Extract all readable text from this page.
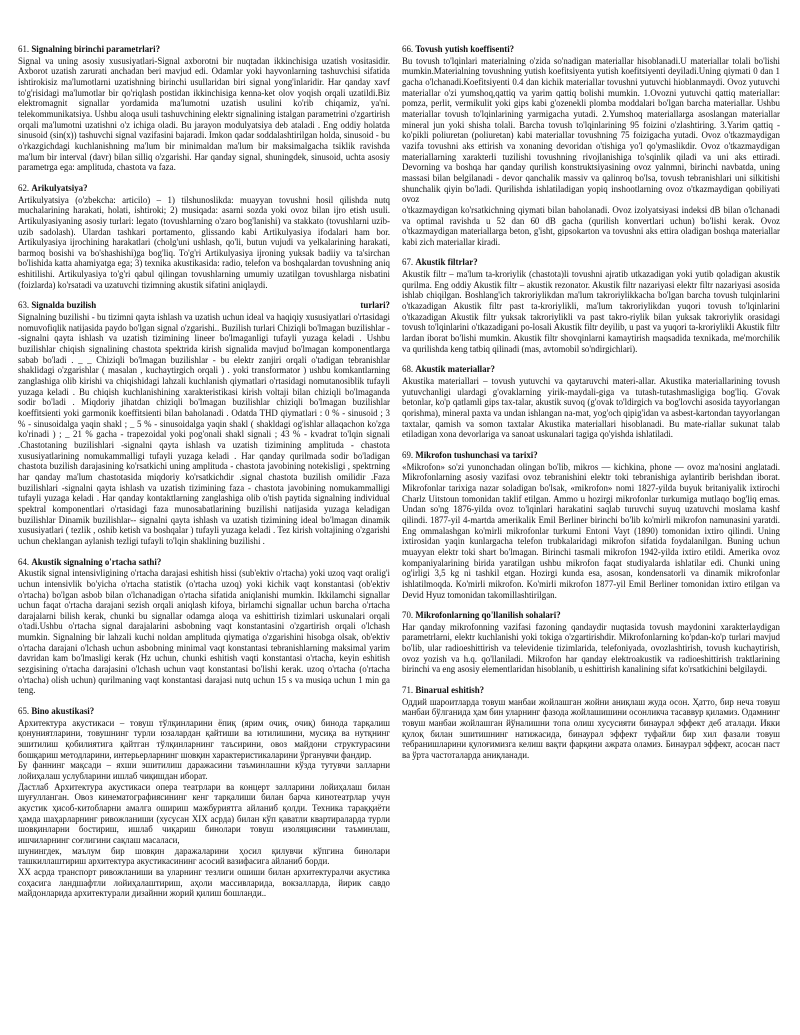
61. Signalning birinchi parametrlari?

Signal va uning asosiy xususiyatlari-Signal axborotni bir nuqtadan ikkinchisiga uzatish vositasidir. Axborot uzatish zarurati anchadan beri mavjud edi. Odamlar yoki hayvonlarning tashuvchisi sifatida ishtirokisiz ma'lumotlarni uzatishning birinchi usullaridan biri signal yong'inlaridir. Har qanday xavf to'g'risidagi ma'lumotlar bir qo'riqlash postidan ikkinchisiga kenna-ket olov yoqish orqali uzatildi.Biz elektromagnit signallar yordamida ma'lumotni uzatish usulini ko'rib chiqamiz, ya'ni. telekommunikatsiya. Ushbu aloqa usuli tashuvchining elektr signalining istalgan parametrini o'zgartirish orqali ma'lumotni uzatishni o'z ichiga oladi. Bu jarayon modulyatsiya deb ataladi . Eng oddiy holatda sinusoid (sin(x)) tashuvchi signal vazifasini bajaradi. Imkon qadar soddalashtirilgan holda, sinusoid - bu o'rkazgichdagi kuchlanishning ma'lum bir minimaldan ma'lum bir maksimalgacha tsiklik ravishda ma'lum bir interval (davr) bilan silliq o'zgarishi. Har qanday signal, shuningdek, sinusoid, uchta asosiy parametrga ega: amplituda, chastota va faza.

62. Arikulyatsiya?

Artikulyatsiya (o'zbekcha: articilo) – 1) tilshunoslikda: muayyan tovushni hosil qilishda nutq muchalarining harakati, holati, ishtiroki; 2) musiqada: asarni sozda yoki ovoz bilan ijro etish usuli. Artikulyasiyaning asosiy turlari: legato (tovushlarning o'zaro bog'lanishi) va stakkato (tovushlarni uzib-uzib sadolash). Ulardan tashkari portamento, glissando kabi Artikulyasiya ifodalari ham bor. Artikulyasiya ijrochining harakatlari (cholg'uni ushlash, qo'li, butun vujudi va yelkalarining harakati, barmoq bosishi va bo'shashishi)ga bog'liq. To'g'ri Artikulyasiya ijroning yuksak badiiy va ta'sirchan bo'lishida katta ahamiyatga ega; 3) texnika akustikasida: radio, telefon va boshqalardan tovushning aniq eshitilishi. Artikulyasiya to'g'ri qabul qilingan tovushlarning umumiy uzatilgan tovushlarga nisbatini (foizlarda) ko'rsatadi va uzatuvchi tizimning akustik sifatini aniqlaydi.

63. Signalda buzilish	turlari?

Signalning buzilishi - bu tizimni qayta ishlash va uzatish uchun ideal va haqiqiy xususiyatlari o'rtasidagi nomuvofiqlik natijasida paydo bo'lgan signal o'zgarishi.. Buzilish turlari Chiziqli bo'lmagan buzilishlar --signalni qayta ishlash va uzatish tizimining lineer bo'lmaganligi tufayli yuzaga keladi . Ushbu buzilishlar chiqish signalining chastota spektrida kirish signalida mavjud bo'lmagan komponentlarga sabab bo'ladi . _ _ Chiziqli bo'lmagan buzilishlar - bu elektr zanjiri orqali o'tadigan tebranishlar shaklidagi o'zgarishlar ( masalan , kuchaytirgich orqali ) . yoki transformator ) ushbu komkantlarning zanglashiga olib kirishi va chiqishidagi lahzali kuchlanish qiymatlari o'rtasidagi nomutanosiblik tufayli yuzaga keladi . Bu chiqish kuchlanishining xarakteristikasi kirish voltaji bilan chiziqli bo'lmaganda sodir bo'ladi . Miqdoriy jihatdan chiziqli bo'lmagan buzilishlar chiziqli bo'lmagan buzilishlar koeffitsienti yoki garmonik koeffitsienti bilan baholanadi . Odatda THD qiymatlari : 0 % - sinusoid ; 3 % - sinusoidalga yaqin shakl ; _ 5 % - sinusoidalga yaqin shakl ( shakldagi og'ishlar allaqachon ko'zga ko'rinadi ) ; _ 21 % gacha - trapezoidal yoki pog'onali shakl signali ; 43 % - kvadrat to'lqin signali .Chastotaning buzilishlari -signalni qayta ishlash va uzatish tizimining amplituda - chastota xususiyatlarining nomukammalligi tufayli yuzaga keladi . Har qanday qurilmada sodir bo'ladigan chastota buzilish darajasining ko'rsatkichi uning amplituda - chastota javobining notekisligi , spektrning har qanday ma'lum chastotasida miqdoriy ko'rsatkichdir .signal chastota buzilish omilidir .Faza buzilishlari -signalni qayta ishlash va uzatish tizimining faza - chastota javobining nomukammalligi tufayli yuzaga keladi . Har qanday kontaktlarning zanglashiga olib o'tish paytida signalning individual spektral komponentlari o'rtasidagi faza munosabatlarining buzilishi natijasida yuzaga keladigan buzilishlar Dinamik buzilishlar-- signalni qayta ishlash va uzatish tizimining ideal bo'lmagan dinamik xususiyatlari ( tezlik , oshib ketish va boshqalar ) tufayli yuzaga keladi . Tez kirish voltajining o'zgarishi uchun cheklangan aylanish tezligi tufayli to'lqin shaklining buzilishi .

64. Akustik signalning o'rtacha sathi?

Akustik signal intensivligining o'rtacha darajasi eshitish hissi (sub'ektiv o'rtacha) yoki uzoq vaqt oralig'i uchun intensivlik bo'yicha o'rtacha statistik (o'rtacha uzoq) yoki kichik vaqt konstantasi (ob'ektiv o'rtacha) bo'lgan asbob bilan o'lchanadigan o'rtacha sifatida aniqlanishi mumkin. Ikkilamchi signallar uchun faqat o'rtacha darajani sezish orqali aniqlash kifoya, birlamchi signallar uchun barcha o'rtacha darajalarni bilish kerak, chunki bu signallar odamga aloqa va eshittirish tizimlari uskunalari orqali o'tadi.Ushbu o'rtacha signal darajalarini asbobning vaqt konstantasini o'zgartirish orqali o'lchash mumkin. Signalning bir lahzali kuchi noldan amplituda qiymatiga o'zgarishini hisobga olsak, ob'ektiv o'rtacha darajani o'lchash uchun asbobning minimal vaqt konstantasi tebranishlarning maksimal yarim davridan kam bo'lmasligi kerak (Hz uchun, chunki eshitish vaqti konstantasi o'rtacha, keyin eshitish sezgisining o'rtacha darajasini o'lchash uchun vaqt konstantasi bo'lishi kerak. uzoq o'rtacha (o'rtacha o'rtacha) olish uchun) qurilmaning vaqt konstantasi darajasi nutq uchun 15 s va musiqa uchun 1 min ga teng.

65. Bino akustikasi?

Архитектура акустикаси – товуш тўлқинларини ёпиқ (ярим очиқ, очиқ) бинода тарқалиш қонуниятларини, товушнинг турли юзалардан қайтиши ва ютилишини, мусиқа ва нутқнинг эшитилиш қобилиятига қайтган тўлқинларнинг таъсирини, овоз майдони структурасини бошқариш методларини, интерьерларнинг шовқин характеристикаларини ўрганувчи фандир.
Бу фаннинг мақсади – яхши эшитилиш даражасини таъминлашни кўзда тутувчи залларни лойиҳалаш услубларини ишлаб чиқишдан иборат.
Дастлаб Архитектура акустикаси опера театрлари ва концерт залларини лойиҳалаш билан шуғулланган. Овоз кинематографиясининг кенг тарқалиши билан барча кинотеатрлар учун акустик ҳисоб-китобларни амалга ошириш мажбуриятга айланиб қолди. Техника тараққиёти ҳамда шаҳарларнинг ривожланиши (хусусан XIX асрда) билан кўп қаватли квартираларда турли шовқинларни бостириш, ишлаб чиқариш бинолари товуш изоляциясини таъминлаш, ишчиларнинг соғлигини сақлаш масаласи,
шунингдек, маълум бир шовқин даражаларини ҳосил қилувчи кўпгина бинолари ташкиллаштириш архитектура акустикасининг асосий вазифасига айланиб борди.
XX асрда транспорт ривожланиши ва уларнинг тезлиги ошиши билан архитектуралчи акустика соҳасига ландшафтли лойиҳалаштириш, аҳоли массивларида, вокзалларда, йирик савдо майдонларида архитектурали дизайнни жорий қилиш бошланди..

66. Tovush yutish koeffisenti?

Bu tovush to'lqinlari materialning o'zida so'nadigan materiallar hisoblanadi.U materiallar tolali bo'lishi mumkin.Materialning tovushning yutish koefitsiyenta yutish koefitsiyenti deyiladi.Uning qiymati 0 dan 1 gacha o'lchanadi.Koefitsiyenti 0.4 dan kichik materiallar tovushni yutuvchi hioblanmaydi. Ovoz yutuvchi materiallar o'zi yumshoq,qattiq va yarim qattiq bolishi mumkin. 1.Ovozni yutuvchi qattiq materiallar: pomza, perlit, vermikulit yoki gips kabi g'ozenekli plomba moddalari bo'lgan barcha materiallar. Ushbu materiallar tovush to'lqinlarining yarmigacha yutadi. 2.Yumshoq materiallarga asoslangan materiallar mineral jun yoki shisha tolali. Barcha tovush to'lqinlarining 95 foizini o'zlashtiring. 3.Yarim qattiq - ko'pikli poliuretan (poliuretan) kabi materiallar tovushning 75 foizigacha yutadi. Ovoz o'tkazmaydigan vazifa tovushni aks ettirish va xonaning devoridan o'tishiga yo'l qo'ymaslikdir. Ovoz o'tkazmaydigan materiallarning xarakterli tuzilishi tovushning rivojlanishiga to'sqinlik qiladi va uni aks ettiradi. Devorning va boshqa har qanday qurilish konstruktsiyasining ovoz yalnmni, birinchi navbatda, uning massasi bilan belgilanadi - devor qanchalik massiv va qalinroq bo'lsa, tovush tebranishlari uni silkitishi shunchalik qiyin bo'ladi. Qurilishda ishlatiladigan yopiq inshootlarning ovoz o'tkazmaydigan qobiliyati ovoz
o'tkazmaydigan ko'rsatkichning qiymati bilan baholanadi. Ovoz izolyatsiyasi indeksi dB bilan o'lchanadi va optimal ravishda u 52 dan 60 dB gacha (qurilish konvertlari uchun) bo'lishi kerak. Ovoz o'tkazmaydigan materiallarga beton, g'isht, gipsokarton va tovushni aks ettira oladigan boshqa materiallar kabi zich materiallar kiradi.

67. Akustik filtrlar?

Akustik filtr – ma'lum ta-kroriylik (chastota)li tovushni ajratib utkazadigan yoki yutib qoladigan akustik qurilma. Eng oddiy Akustik filtr – akustik rezonator. Akustik filtr nazariyasi elektr filtr nazariyasi asosida ishlab chiqilgan. Boshlang'ich takroriylikdan ma'lum takroriylikkacha bo'lgan barcha tovush tulqinlarini o'tkazadigan Akustik filtr past ta-kroriylikli, ma'lum takroriylikdan yuqori tovush to'lqinlarini o'tkazadigan Akustik filtr yuksak takroriylikli va past takro-riylik bilan yuksak takroriylik orasidagi tovush to'lqinlarini o'tkazadigani po-losali Akustik filtr deyilib, u past va yuqori ta-kroriylikli Akustik filtr lardan iborat bo'lishi mumkin. Akustik filtr shovqinlarni kamaytirish maqsadida texnikada, me'morchilik va qurilishda keng tatbiq qilinadi (mas, avtomobil so'ndirgichlari).

68. Akustik materiallar?

Akustika materiallari – tovush yutuvchi va qaytaruvchi materi-allar. Akustika materiallarining tovush yutuvchanligi ulardagi g'ovaklarning yirik-maydali-giga va tutash-tutashmasligiga bog'liq. G'ovak betonlar, ko'p qatlamli gips tax-talar, akustik suvoq (g'ovak to'ldirgich va bog'lovchi asosida tayyorlangan qorishma), mineral paxta va undan ishlangan na-mat, yog'och qipig'idan va asbest-kartondan tayyorlangan taxtalar, qamish va somon taxtalar Akustika materiallari hisoblanadi. Bu mate-riallar sukunat talab etiladigan xona devorlariga va sanoat uskunalari tagiga qo'yishda ishlatiladi.

69. Mikrofon tushunchasi va tarixi?

«Mikrofon» so'zi yunonchadan olingan bo'lib, mikros — kichkina, phone — ovoz ma'nosini anglatadi. Mikrofonlarning asosiy vazifasi ovoz tebranishini elektr toki tebranishiga aylantirib berishdan iborat. Mikrofonlar tarixiga nazar soladigan bo'lsak, «mikrofon» nomi 1827-yilda buyuk britaniyalik ixtirochi Charlz Uitstoun tomonidan taklif etilgan. Ammo u hozirgi mikrofonlar turkumiga mutlaqo bog'liq emas. Undan so'ng 1876-yilda ovoz to'lqinlari harakatini saqlab turuvchi suyuq uzatuvchi moslama kashf qilindi. 1877-yil 4-martda amerikalik Emil Berliner birinchi bo'lib ko'mirli mikrofon namunasini yaratdi. Eng ommalashgan ko'mirli mikrofonlar turkumi Entoni Vayt (1890) tomonidan ixtiro qilindi. Uning ixtirosidan yaqin kunlargacha telefon trubkalaridagi mikrofon sifatida foydalanilgan. Buning uchun muayyan elektr toki shart bo'lmagan. Birinchi tasmali mikrofon 1942-yilda ixtiro etildi. Amerika ovoz kompaniyalarining birida yaratilgan ushbu mikrofon faqat studiyalarda ishlatilar edi. Chunki uning og'irligi 3,5 kg ni tashkil etgan. Hozirgi kunda esa, asosan, kondensatorli va dinamik mikrofonlar ishlatilmoqda. Ko'mirli mikrofon. Ko'mirli mikrofon 1877-yil Emil Berliner tomonidan ixtiro etilgan va Devid Hyuz tomonidan takomillashtirilgan.

70. Mikrofonlarning qo'llanilish sohalari?

Har qanday mikrofonning vazifasi fazoning qandaydir nuqtasida tovush maydonini xarakterlaydigan parametrlarni, elektr kuchlanishi yoki tokiga o'zgartirishdir. Mikrofonlarning ko'pdan-ko'p turlari mavjud bo'lib, ular radioeshittirish va televidenie tizimlarida, telefoniyada, ovozlashtirish, tovush kuchaytirish, ovoz yozish va h.q. qo'llaniladi. Mikrofon har qanday elektroakustik va radioeshittirish traktlarining birinchi va eng asosiy elementlaridan hisoblanib, u eshittirish kanalining sifat ko'rsatkichini belgilaydi.

71. Binarual eshitish?

Оддий шароитларда товуш манбаи жойлашган жойни аниқлаш жуда осон. Ҳаттo, бир неча товуш манбаи бўлганида ҳам бин уларнинг фазода жойлашишини осонликча тасаввур қиламиз. Одамнинг товуш манбаи жойлашган йўналишни топа олиш хусусияти бинаурал эффект деб аталади. Икки қулоқ билан эшитишнинг натижасида, бинаурал эффект туфайли бир хил фазали товуш тебранишларини қулоғимизга келиш вақти фарқини ажрата оламиз. Бинаурал эффект, асосан паст ва ўрта частоталарда аниқланади.
